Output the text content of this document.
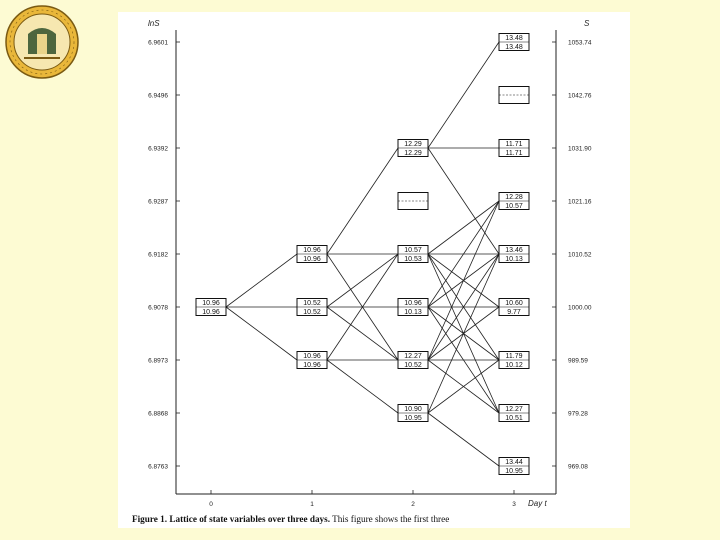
10.96
10.96
10.96
10.96
10.52
10.52
10.96
10.96
12.29
12.29
10.57
10.53
10.96
10.13
12.27
10.52
10.90
10.95
13.48
13.48
11.71
11.71
12.28
10.57
13.46
10.13
10.60
9.77
11.79
10.12
12.27
10.51
13.44
10.95
lnS	S
6.9601
6.9496
6.9392
6.9287
6.9182
6.9078
6.8973
6.8868
6.8763
1053.74
1042.76
1031.90
1021.16
1010.52
1000.00
989.59
979.28
969.08
0	1	2	3 Day t
Figure 1. Lattice of state variables over three days. This figure shows the first three
